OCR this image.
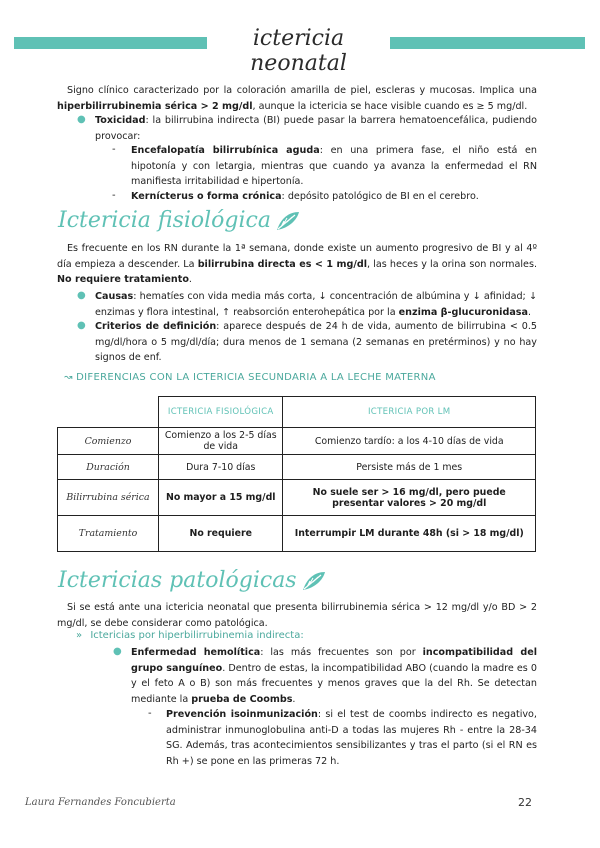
ictericia neonatal

Signo clínico caracterizado por la coloración amarilla de piel, escleras y mucosas. Implica una hiperbilirrubinemia sérica > 2 mg/dl, aunque la ictericia se hace visible cuando es ≥ 5 mg/dl.

● Toxicidad: la bilirrubina indirecta (BI) puede pasar la barrera hematoencefálica, pudiendo provocar:

- Encefalopatía bilirrubínica aguda: en una primera fase, el niño está en hipotonía y con letargia, mientras que cuando ya avanza la enfermedad el RN manifiesta irritabilidad e hipertonía.

- Kernícterus o forma crónica: depósito patológico de BI en el cerebro.

Ictericia fisiológica

Es frecuente en los RN durante la 1ª semana, donde existe un aumento progresivo de BI y al 4º día empieza a descender. La bilirrubina directa es < 1 mg/dl, las heces y la orina son normales. No requiere tratamiento.

● Causas: hematíes con vida media más corta, ↓ concentración de albúmina y ↓ afinidad; ↓ enzimas y flora intestinal, ↑ reabsorción enterohepática por la enzima β-glucuronidasa.

● Criterios de definición: aparece después de 24 h de vida, aumento de bilirrubina < 0.5 mg/dl/hora o 5 mg/dl/día; dura menos de 1 semana (2 semanas en pretérminos) y no hay signos de enf.

↝ DIFERENCIAS CON LA ICTERICIA SECUNDARIA A LA LECHE MATERNA
	ICTERICIA FISIOLÓGICA	ICTERICIA POR LM
Comienzo	Comienzo a los 2-5 días de vida	Comienzo tardío: a los 4-10 días de vida
Duración	Dura 7-10 días	Persiste más de 1 mes
Bilirrubina sérica	No mayor a 15 mg/dl	No suele ser > 16 mg/dl, pero puede presentar valores > 20 mg/dl
Tratamiento	No requiere	Interrumpir LM durante 48h (si > 18 mg/dl)
Ictericias patológicas

Si se está ante una ictericia neonatal que presenta bilirrubinemia sérica > 12 mg/dl y/o BD > 2 mg/dl, se debe considerar como patológica.

» Ictericias por hiperbilirrubinemia indirecta:
● Enfermedad hemolítica: las más frecuentes son por incompatibilidad del grupo sanguíneo. Dentro de estas, la incompatibilidad ABO (cuando la madre es 0 y el feto A o B) son más frecuentes y menos graves que la del Rh. Se detectan mediante la prueba de Coombs.

- Prevención isoinmunización: si el test de coombs indirecto es negativo, administrar inmunoglobulina anti-D a todas las mujeres Rh - entre la 28-34 SG. Además, tras acontecimientos sensibilizantes y tras el parto (si el RN es Rh +) se pone en las primeras 72 h.

Laura Fernandes Foncubierta	22
